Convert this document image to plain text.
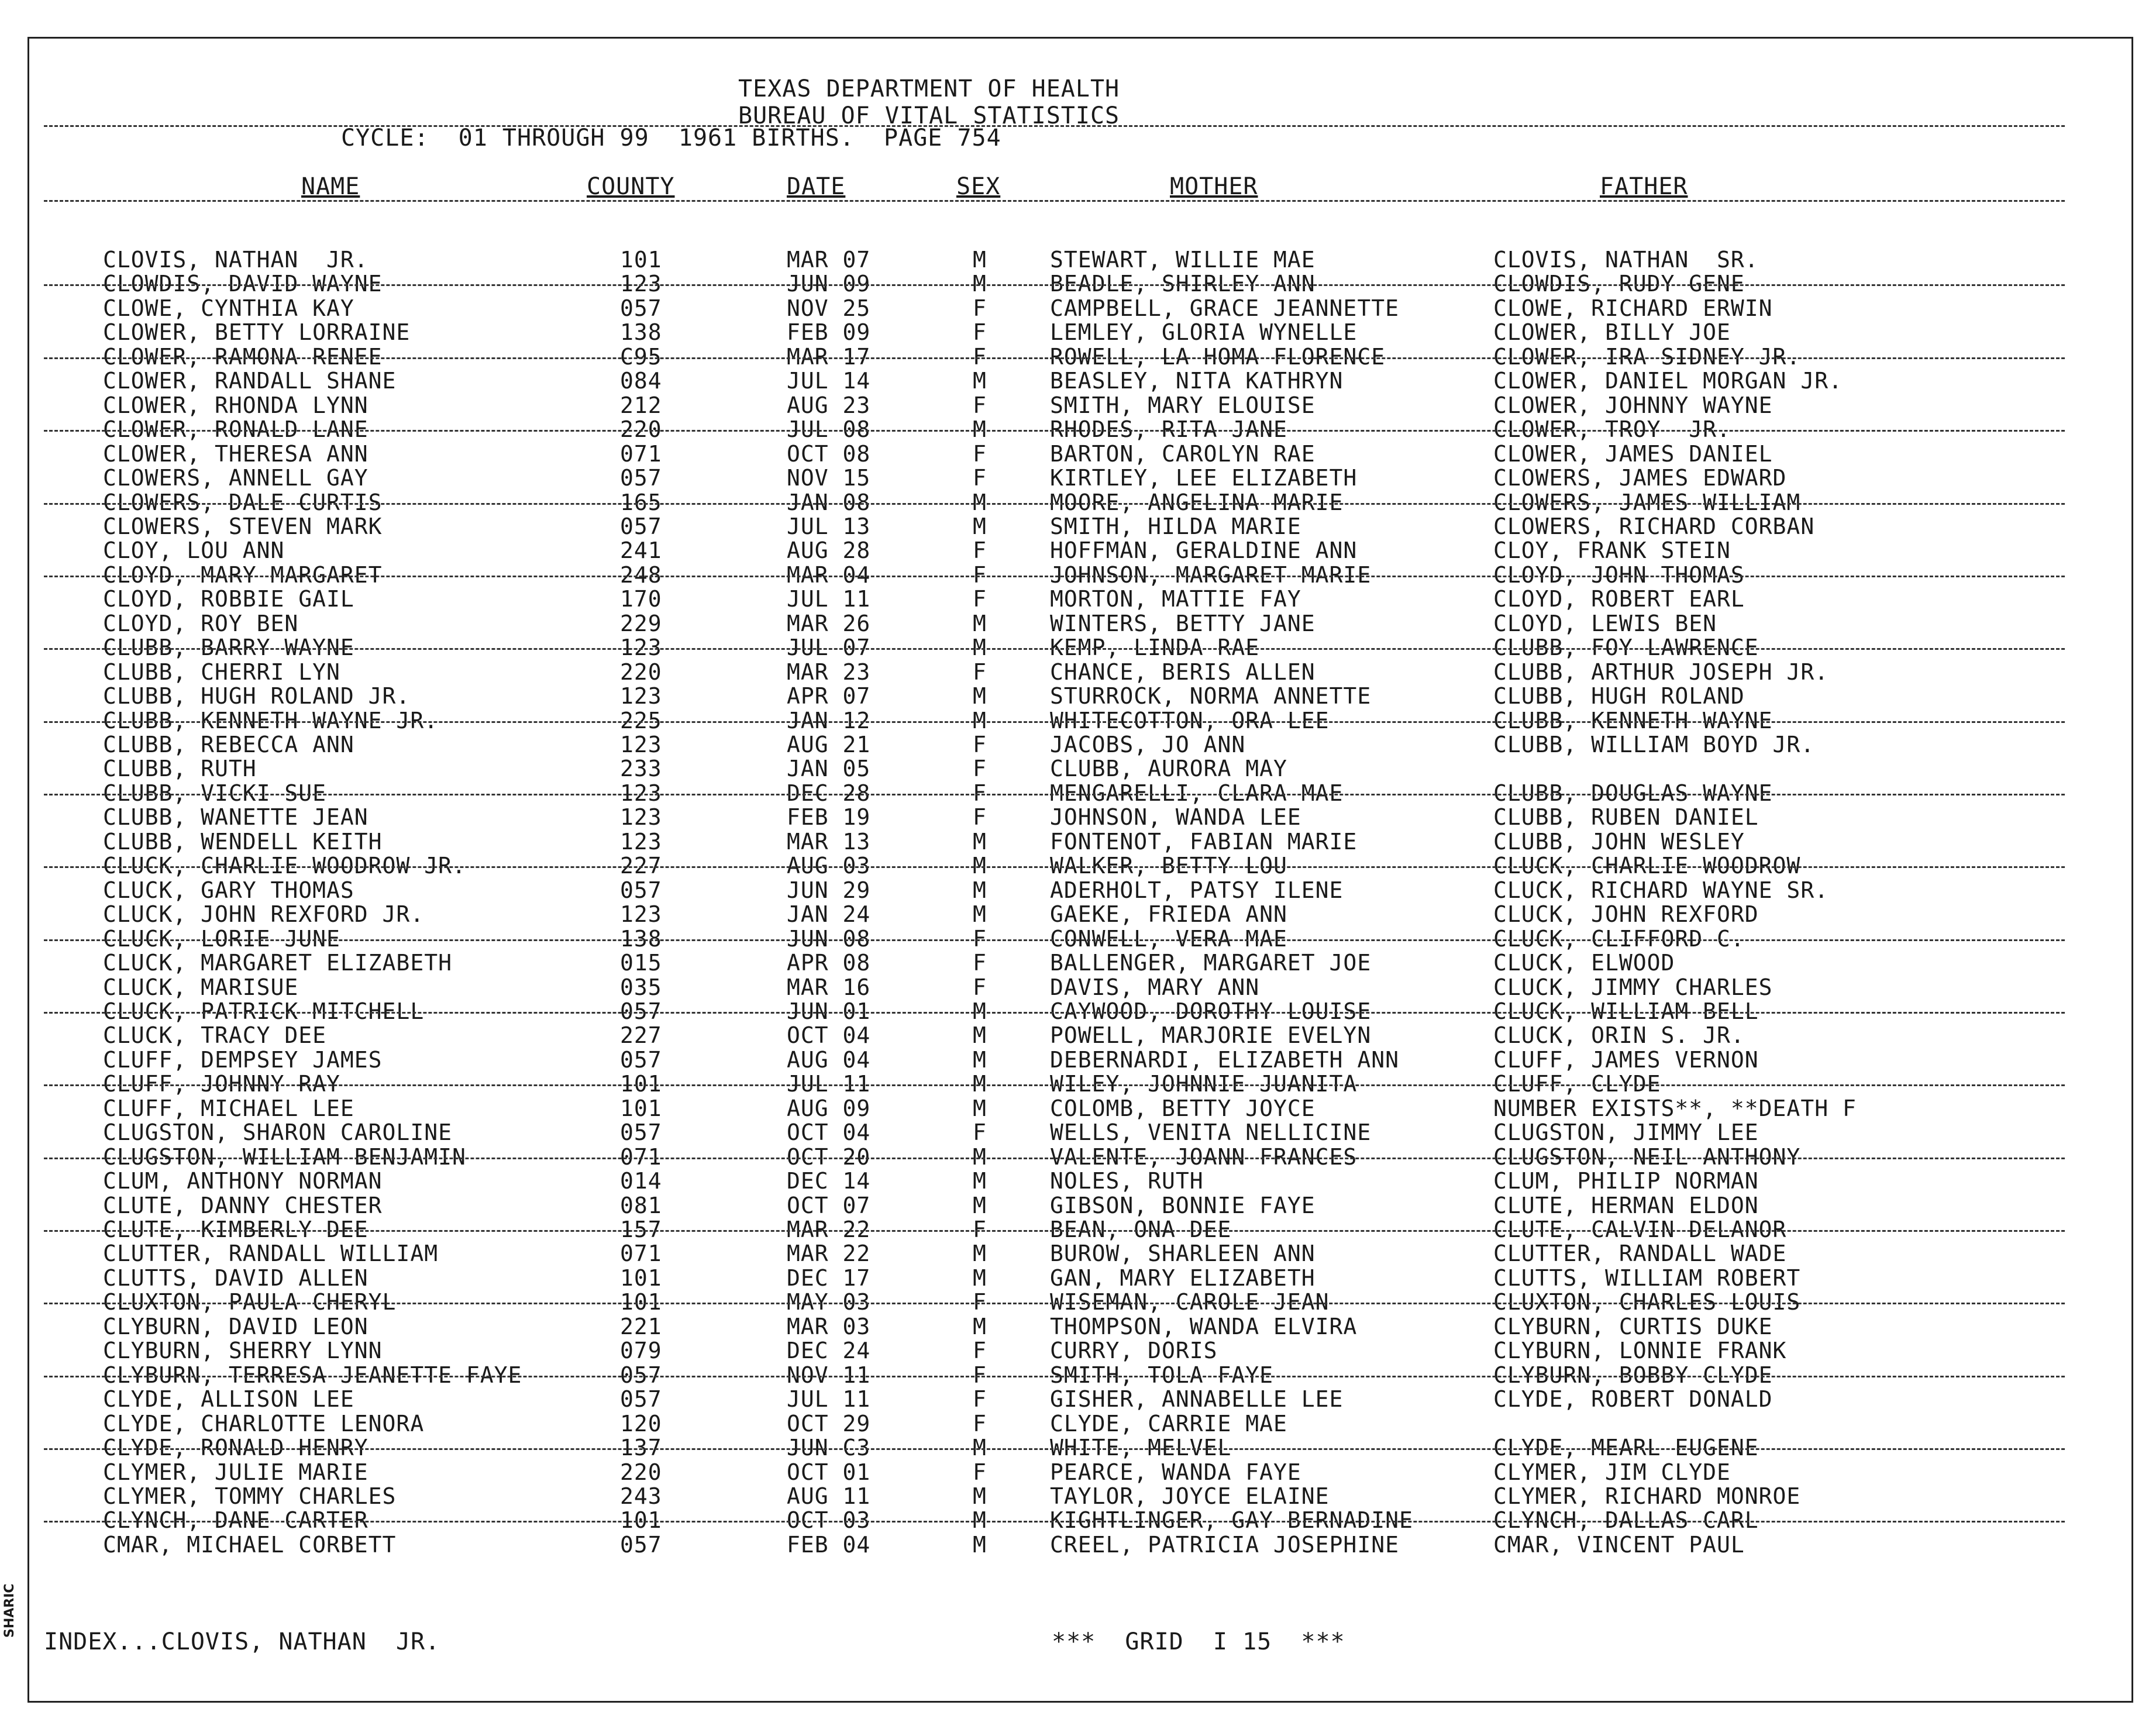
TEXAS DEPARTMENT OF HEALTH
BUREAU OF VITAL STATISTICS
CYCLE:  01 THROUGH 99  1961 BIRTHS.  PAGE 754
NAME	COUNTY	DATE	SEX	MOTHER	FATHER
CLOVIS, NATHAN  JR.	101	MAR 07	M	STEWART, WILLIE MAE	CLOVIS, NATHAN  SR.
CLOWDIS, DAVID WAYNE	123	JUN 09	M	BEADLE, SHIRLEY ANN	CLOWDIS, RUDY GENE
CLOWE, CYNTHIA KAY	057	NOV 25	F	CAMPBELL, GRACE JEANNETTE	CLOWE, RICHARD ERWIN
CLOWER, BETTY LORRAINE	138	FEB 09	F	LEMLEY, GLORIA WYNELLE	CLOWER, BILLY JOE
CLOWER, RAMONA RENEE	C95	MAR 17	F	ROWELL, LA HOMA FLORENCE	CLOWER, IRA SIDNEY JR.
CLOWER, RANDALL SHANE	084	JUL 14	M	BEASLEY, NITA KATHRYN	CLOWER, DANIEL MORGAN JR.
CLOWER, RHONDA LYNN	212	AUG 23	F	SMITH, MARY ELOUISE	CLOWER, JOHNNY WAYNE
CLOWER, RONALD LANE	220	JUL 08	M	RHODES, RITA JANE	CLOWER, TROY  JR.
CLOWER, THERESA ANN	071	OCT 08	F	BARTON, CAROLYN RAE	CLOWER, JAMES DANIEL
CLOWERS, ANNELL GAY	057	NOV 15	F	KIRTLEY, LEE ELIZABETH	CLOWERS, JAMES EDWARD
CLOWERS, DALE CURTIS	165	JAN 08	M	MOORE, ANGELINA MARIE	CLOWERS, JAMES WILLIAM
CLOWERS, STEVEN MARK	057	JUL 13	M	SMITH, HILDA MARIE	CLOWERS, RICHARD CORBAN
CLOY, LOU ANN	241	AUG 28	F	HOFFMAN, GERALDINE ANN	CLOY, FRANK STEIN
CLOYD, MARY MARGARET	248	MAR 04	F	JOHNSON, MARGARET MARIE	CLOYD, JOHN THOMAS
CLOYD, ROBBIE GAIL	170	JUL 11	F	MORTON, MATTIE FAY	CLOYD, ROBERT EARL
CLOYD, ROY BEN	229	MAR 26	M	WINTERS, BETTY JANE	CLOYD, LEWIS BEN
CLUBB, BARRY WAYNE	123	JUL 07	M	KEMP, LINDA RAE	CLUBB, FOY LAWRENCE
CLUBB, CHERRI LYN	220	MAR 23	F	CHANCE, BERIS ALLEN	CLUBB, ARTHUR JOSEPH JR.
CLUBB, HUGH ROLAND JR.	123	APR 07	M	STURROCK, NORMA ANNETTE	CLUBB, HUGH ROLAND
CLUBB, KENNETH WAYNE JR.	225	JAN 12	M	WHITECOTTON, ORA LEE	CLUBB, KENNETH WAYNE
CLUBB, REBECCA ANN	123	AUG 21	F	JACOBS, JO ANN	CLUBB, WILLIAM BOYD JR.
CLUBB, RUTH	233	JAN 05	F	CLUBB, AURORA MAY
CLUBB, VICKI SUE	123	DEC 28	F	MENGARELLI, CLARA MAE	CLUBB, DOUGLAS WAYNE
CLUBB, WANETTE JEAN	123	FEB 19	F	JOHNSON, WANDA LEE	CLUBB, RUBEN DANIEL
CLUBB, WENDELL KEITH	123	MAR 13	M	FONTENOT, FABIAN MARIE	CLUBB, JOHN WESLEY
CLUCK, CHARLIE WOODROW JR.	227	AUG 03	M	WALKER, BETTY LOU	CLUCK, CHARLIE WOODROW
CLUCK, GARY THOMAS	057	JUN 29	M	ADERHOLT, PATSY ILENE	CLUCK, RICHARD WAYNE SR.
CLUCK, JOHN REXFORD JR.	123	JAN 24	M	GAEKE, FRIEDA ANN	CLUCK, JOHN REXFORD
CLUCK, LORIE JUNE	138	JUN 08	F	CONWELL, VERA MAE	CLUCK, CLIFFORD C.
CLUCK, MARGARET ELIZABETH	015	APR 08	F	BALLENGER, MARGARET JOE	CLUCK, ELWOOD
CLUCK, MARISUE	035	MAR 16	F	DAVIS, MARY ANN	CLUCK, JIMMY CHARLES
CLUCK, PATRICK MITCHELL	057	JUN 01	M	CAYWOOD, DOROTHY LOUISE	CLUCK, WILLIAM BELL
CLUCK, TRACY DEE	227	OCT 04	M	POWELL, MARJORIE EVELYN	CLUCK, ORIN S. JR.
CLUFF, DEMPSEY JAMES	057	AUG 04	M	DEBERNARDI, ELIZABETH ANN	CLUFF, JAMES VERNON
CLUFF, JOHNNY RAY	101	JUL 11	M	WILEY, JOHNNIE JUANITA	CLUFF, CLYDE
CLUFF, MICHAEL LEE	101	AUG 09	M	COLOMB, BETTY JOYCE	NUMBER EXISTS**, **DEATH F
CLUGSTON, SHARON CAROLINE	057	OCT 04	F	WELLS, VENITA NELLICINE	CLUGSTON, JIMMY LEE
CLUGSTON, WILLIAM BENJAMIN	071	OCT 20	M	VALENTE, JOANN FRANCES	CLUGSTON, NEIL ANTHONY
CLUM, ANTHONY NORMAN	014	DEC 14	M	NOLES, RUTH	CLUM, PHILIP NORMAN
CLUTE, DANNY CHESTER	081	OCT 07	M	GIBSON, BONNIE FAYE	CLUTE, HERMAN ELDON
CLUTE, KIMBERLY DEE	157	MAR 22	F	BEAN, ONA DEE	CLUTE, CALVIN DELANOR
CLUTTER, RANDALL WILLIAM	071	MAR 22	M	BUROW, SHARLEEN ANN	CLUTTER, RANDALL WADE
CLUTTS, DAVID ALLEN	101	DEC 17	M	GAN, MARY ELIZABETH	CLUTTS, WILLIAM ROBERT
CLUXTON, PAULA CHERYL	101	MAY 03	F	WISEMAN, CAROLE JEAN	CLUXTON, CHARLES LOUIS
CLYBURN, DAVID LEON	221	MAR 03	M	THOMPSON, WANDA ELVIRA	CLYBURN, CURTIS DUKE
CLYBURN, SHERRY LYNN	079	DEC 24	F	CURRY, DORIS	CLYBURN, LONNIE FRANK
CLYBURN, TERRESA JEANETTE FAYE	057	NOV 11	F	SMITH, TOLA FAYE	CLYBURN, BOBBY CLYDE
CLYDE, ALLISON LEE	057	JUL 11	F	GISHER, ANNABELLE LEE	CLYDE, ROBERT DONALD
CLYDE, CHARLOTTE LENORA	120	OCT 29	F	CLYDE, CARRIE MAE
CLYDE, RONALD HENRY	137	JUN C3	M	WHITE, MELVEL	CLYDE, MEARL EUGENE
CLYMER, JULIE MARIE	220	OCT 01	F	PEARCE, WANDA FAYE	CLYMER, JIM CLYDE
CLYMER, TOMMY CHARLES	243	AUG 11	M	TAYLOR, JOYCE ELAINE	CLYMER, RICHARD MONROE
CLYNCH, DANE CARTER	101	OCT 03	M	KIGHTLINGER, GAY BERNADINE	CLYNCH, DALLAS CARL
CMAR, MICHAEL CORBETT	057	FEB 04	M	CREEL, PATRICIA JOSEPHINE	CMAR, VINCENT PAUL
INDEX...CLOVIS, NATHAN  JR.	***  GRID  I 15  ***
SHARIC
